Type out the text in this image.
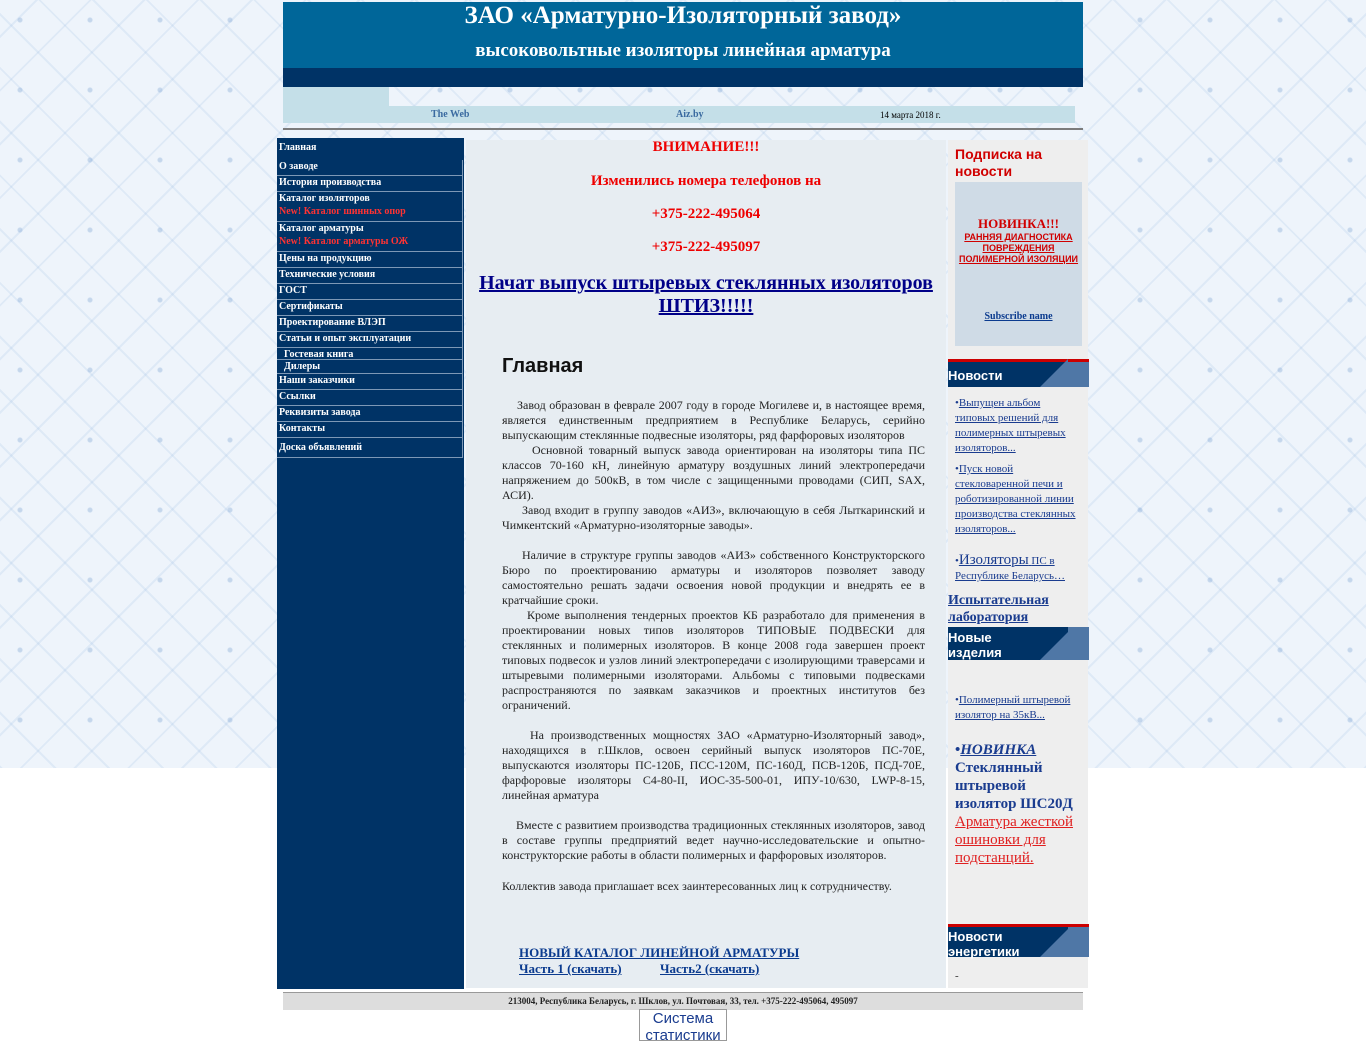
ЗАО «Арматурно-Изоляторный завод»
высоковольтные изоляторы линейная арматура
The Web	Aiz.by	14 марта 2018 г.
Главная
О заводе
История производства
Каталог изоляторов
New! Каталог шинных опор
Каталог арматуры
New! Каталог арматуры ОЖ
Цены на продукцию
Технические условия
ГОСТ
Сертификаты
Проектирование ВЛЭП
Статьи и опыт эксплуатации
Гостевая книга
Дилеры
Наши заказчики
Ссылки
Реквизиты завода
Контакты
Доска объявлений
ВНИМАНИЕ!!!
Изменились номера телефонов на
+375-222-495064
+375-222-495097
Начат выпуск штыревых стеклянных изоляторов ШТИЗ!!!!!
Главная
Завод образован в феврале 2007 году в городе Могилеве и, в настоящее время, является единственным предприятием в Республике Беларусь, серийно выпускающим стеклянные подвесные изоляторы, ряд фарфоровых изоляторов
Основной товарный выпуск завода ориентирован на изоляторы типа ПС классов 70-160 кН, линейную арматуру воздушных линий электропередачи напряжением до 500кВ, в том числе с защищенными проводами (СИП, SAX, АСИ).
Завод входит в группу заводов «АИЗ», включающую в себя Лыткаринский и Чимкентский «Арматурно-изоляторные заводы».
Наличие в структуре группы заводов «АИЗ» собственного Конструкторского Бюро по проектированию арматуры и изоляторов позволяет заводу самостоятельно решать задачи освоения новой продукции и внедрять ее в кратчайшие сроки.
Кроме выполнения тендерных проектов КБ разработало для применения в проектировании новых типов изоляторов ТИПОВЫЕ ПОДВЕСКИ для стеклянных и полимерных изоляторов. В конце 2008 года завершен проект типовых подвесок и узлов линий электропередачи с изолирующими траверсами и штыревыми полимерными изоляторами. Альбомы с типовыми подвесками распространяются по заявкам заказчиков и проектных институтов без ограничений.
На производственных мощностях ЗАО «Арматурно-Изоляторный завод», находящихся в г.Шклов, освоен серийный выпуск изоляторов ПС-70Е, выпускаются изоляторы ПС-120Б, ПСС-120М, ПС-160Д, ПСВ-120Б, ПСД-70Е, фарфоровые изоляторы С4-80-II, ИОС-35-500-01, ИПУ-10/630, LWP-8-15, линейная арматура
Вместе с развитием производства традиционных стеклянных изоляторов, завод в составе группы предприятий ведет научно-исследовательские и опытно-конструкторские работы в области полимерных и фарфоровых изоляторов.
Коллектив завода приглашает всех заинтересованных лиц к сотрудничеству.
НОВЫЙ КАТАЛОГ ЛИНЕЙНОЙ АРМАТУРЫ
Часть 1 (скачать)	Часть2 (скачать)
Подписка на новости
НОВИНКА!!!
РАННЯЯ ДИАГНОСТИКА ПОВРЕЖДЕНИЯ ПОЛИМЕРНОЙ ИЗОЛЯЦИИ
Subscribe name
Новости
•Выпущен альбом типовых решений для полимерных штыревых изоляторов...
•Пуск новой стекловаренной печи и роботизированной линии производства стеклянных изоляторов...
•Изоляторы ПС в Республике Беларусь…
Испытательная лаборатория
Новые изделия
•Полимерный штыревой изолятор на 35кВ...
•НОВИНКА
Стеклянный штыревой изолятор ШС20Д
Арматура жесткой ошиновки для подстанций.
Новости энергетики
-
213004, Республика Беларусь, г. Шклов, ул. Почтовая, 33, тел. +375-222-495064, 495097
Система статистики
